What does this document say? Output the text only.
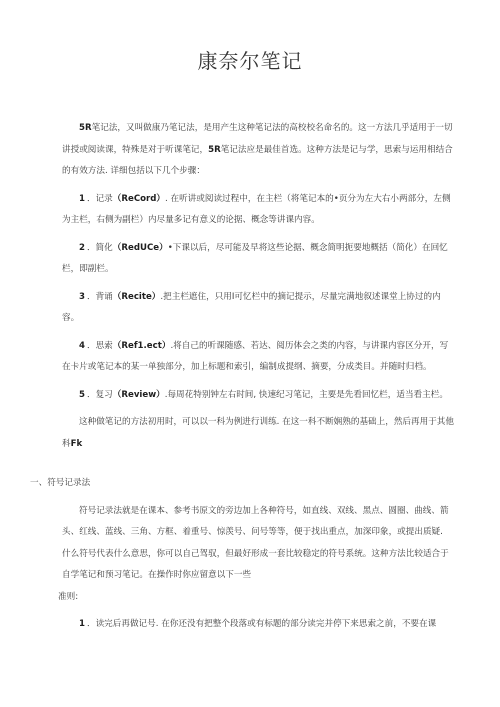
康奈尔笔记

5R笔记法，又叫做康乃笔记法，是用产生这种笔记法的高校校名命名的。这一方法几乎适用于一切讲授或阅读课，特殊是对于听课笔记，5R笔记法应是最佳首选。这种方法是记与学，思索与运用相结合的有效方法. 详细包括以下几个步骤：

1 ．记录（ReCord）. 在听讲或阅读过程中，在主栏（将笔记本的•页分为左大右小两部分，左侧为主栏，右侧为副栏）内尽量多记有意义的论据、概念等讲课内容。

2 ．简化（RedUCe）•下课以后，尽可能及早将这些论据、概念简明扼要地概括（简化）在回忆栏，即副栏。

3 ．背诵（Recite）.把主栏遮住，只用I可忆栏中的摘记提示，尽量完满地叙述课堂上协过的内容。

4 ．思索（Ref1.ect）.将自己的听课随感、若达、阅历体会之类的内容，与讲课内容区分开，写在卡片或笔记本的某一单独部分，加上标题和索引，编制成提纲、摘要，分成类目。并随时归档。

5 ．复习（Review）.每周花特别钟左右时间, 快速纪习笔记，主要是先看回忆栏，适当看主栏。

这种做笔记的方法初用时，可以以一科为例进行训练. 在这一科不断娴熟的基础上，然后再用于其他科Fk

一、符号记录法

符号记录法就是在课本、参考书原文的旁边加上各种符号，如直线、双线、黑点、圆圈、曲线、箭头、红线、蓝线、三角、方框、着重号、惊羡号、问号等等，便于找出重点，加深印象，或提出质疑. 什么符号代表什么意思，你可以自己驾驭，但最好形成一套比较稳定的符号系统。这种方法比较适合于自学笔记和预习笔记。在操作时你应留意以下一些

准则:

1 ．读完后再做记号. 在你还没有把整个段落或有标题的部分读完并停下来思索之前，不要在课
